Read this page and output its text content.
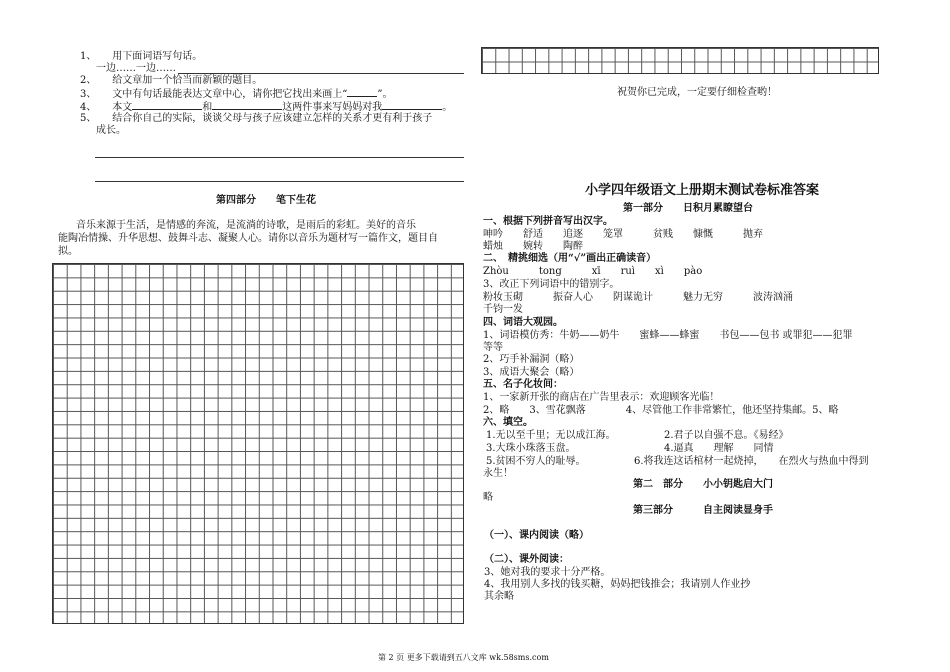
1、 用下面词语写句话。
一边……一边……
2、 给文章加一个恰当而新颖的题目。
3、 文中有句话最能表达文章中心，请你把它找出来画上“	”。
4、 本文	和	这两件事来写妈妈对我	。
5、 结合你自己的实际，谈谈父母与孩子应该建立怎样的关系才更有利于孩子
成长。
第四部分　　笔下生花
音乐来源于生活，是情感的奔流，是流淌的诗歌，是雨后的彩虹。美好的音乐
能陶冶情操、升华思想、鼓舞斗志、凝聚人心。请你以音乐为题材写一篇作文，题目自
拟。
祝贺你已完成，一定要仔细检查哟！
小学四年级语文上册期末测试卷标准答案
第一部分　　日积月累瞭望台
一、根据下列拼音写出汉字。
呻吟　　舒适　　追逐　　笼罩　　　贫贱　　慷慨　　　抛弃
蜡烛　　婉转　　陶醉
二、　精挑细选（用“√”画出正确读音）
Zhòu　　　tong　　　xī　　ruì　　xì　　pào
3、改正下列词语中的错别字。
粉妆玉砌　　　振奋人心　　阴谋诡计　　　魅力无穷　　　波涛汹涌
千钧一发
四、词语大观园。
1、词语模仿秀：牛奶——奶牛　　蜜蜂——蜂蜜　　书包——包书 或罪犯——犯罪
等等
2、巧手补漏洞（略）
3、成语大聚会（略）
五、名子化妆间：
1、一家新开张的商店在广告里表示：欢迎顾客光临！
2、略　　3、雪花飘落　　　　4、尽管他工作非常繁忙，他还坚持集邮。5、略
六、填空。
1.无以至千里；无以成江海。	2.君子以自强不息。《易经》
3.大珠小珠落玉盘。	4.逼真　　理解　　同情
5.贫困不穷人的耻辱。	6.将我连这话棺材一起烧掉，　　在烈火与热血中得到
永生！
第二　部分　　小小钥匙启大门
略
第三部分　　　自主阅读显身手
（一）、课内阅读（略）
（二）、课外阅读：
3、她对我的要求十分严格。
4、我用别人多找的钱买糖，妈妈把钱推会；我请别人作业抄
其余略
第 2 页 更多下载请到五八文库 wk.58sms.com
